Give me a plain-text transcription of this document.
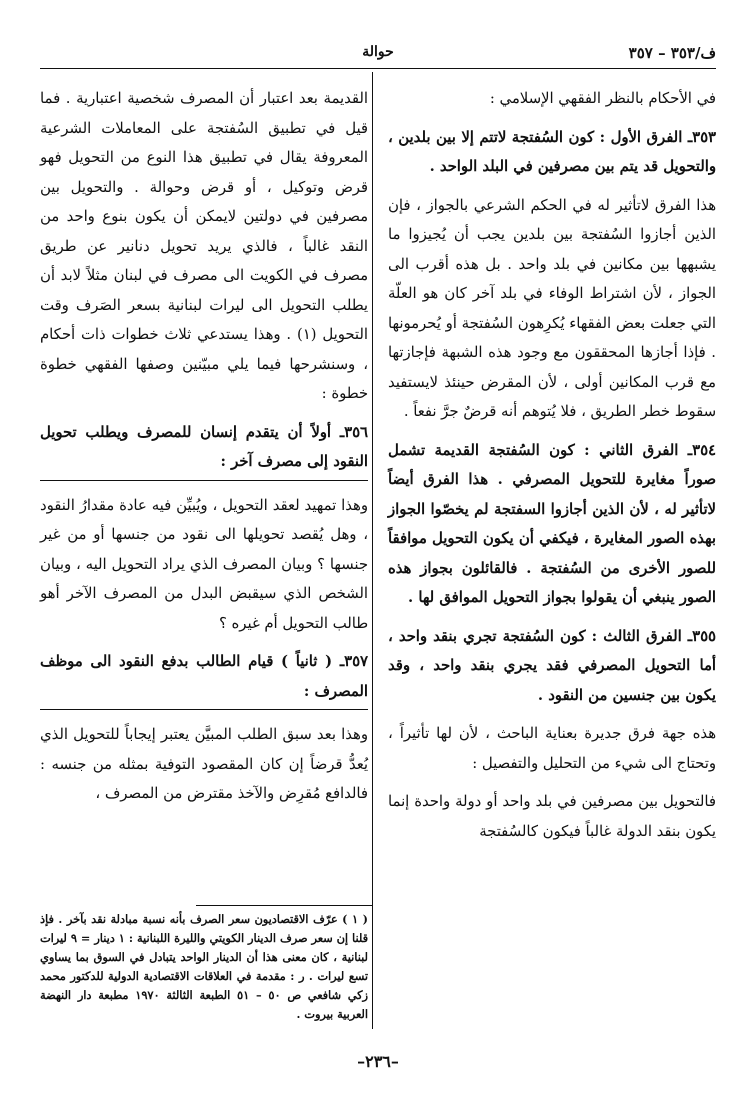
ف/٣٥٣ – ٣٥٧
حوالة

في الأحكام بالنظر الفقهي الإسلامي :

٣٥٣ـ الفرق الأول : كون السُفتجة لاتتم إلا بين بلدين ، والتحويل قد يتم بين مصرفين في البلد الواحد .

هذا الفرق لاتأثير له في الحكم الشرعي بالجواز ، فإن الذين أجازوا السُفتجة بين بلدين يجب أن يُجيزوا ما يشبهها بين مكانين في بلد واحد . بل هذه أقرب الى الجواز ، لأن اشتراط الوفاء في بلد آخر كان هو العلّة التي جعلت بعض الفقهاء يُكرِهون السُفتجة أو يُحرمونها . فإذا أجازها المحققون مع وجود هذه الشبهة فإجازتها مع قرب المكانين أولى ، لأن المقرض حينئذ لايستفيد سقوط خطر الطريق ، فلا يُتوهم أنه قرضٌ جرَّ نفعاً .

٣٥٤ـ الفرق الثاني : كون السُفتجة القديمة تشمل صوراً مغايرة للتحويل المصرفي . هذا الفرق أيضاً لاتأثير له ، لأن الذين أجازوا السفتجة لم يخصّوا الجواز بهذه الصور المغايرة ، فيكفي أن يكون التحويل موافقاً للصور الأخرى من السُفتجة . فالقائلون بجواز هذه الصور ينبغي أن يقولوا بجواز التحويل الموافق لها .

٣٥٥ـ الفرق الثالث : كون السُفتجة تجري بنقد واحد ، أما التحويل المصرفي فقد يجري بنقد واحد ، وقد يكون بين جنسين من النقود .

هذه جهة فرق جديرة بعناية الباحث ، لأن لها تأثيراً ، وتحتاج الى شيء من التحليل والتفصيل :

فالتحويل بين مصرفين في بلد واحد أو دولة واحدة إنما يكون بنقد الدولة غالباً فيكون كالسُفتجة

القديمة بعد اعتبار أن المصرف شخصية اعتبارية . فما قيل في تطبيق السُفتجة على المعاملات الشرعية المعروفة يقال في تطبيق هذا النوع من التحويل فهو قرض وتوكيل ، أو قرض وحوالة . والتحويل بين مصرفين في دولتين لايمكن أن يكون بنوع واحد من النقد غالباً ، فالذي يريد تحويل دنانير عن طريق مصرف في الكويت الى مصرف في لبنان مثلاً لابد أن يطلب التحويل الى ليرات لبنانية بسعر الصَرف وقت التحويل (١) . وهذا يستدعي ثلاث خطوات ذات أحكام ، وسنشرحها فيما يلي مبيّنين وصفها الفقهي خطوة خطوة :

٣٥٦ـ أولاً أن يتقدم إنسان للمصرف ويطلب تحويل النقود إلى مصرف آخر :

وهذا تمهيد لعقد التحويل ، ويُبيِّن فيه عادة مقدارُ النقود ، وهل يُقصد تحويلها الى نقود من جنسها أو من غير جنسها ؟ وبيان المصرف الذي يراد التحويل اليه ، وبيان الشخص الذي سيقبض البدل من المصرف الآخر أهو طالب التحويل أم غيره ؟

٣٥٧ـ ( ثانياً ) قيام الطالب بدفع النقود الى موظف المصرف :

وهذا بعد سبق الطلب المبيَّن يعتبر إيجاباً للتحويل الذي يُعدُّ قرضاً إن كان المقصود التوفية بمثله من جنسه : فالدافع مُقرِض والآخذ مقترض من المصرف ،

( ١ ) عرّف الاقتصاديون سعر الصرف بأنه نسبة مبادلة نقد بآخر . فإذ قلنا إن سعر صرف الدينار الكويتي والليرة اللبنانية : ١ دينار = ٩ ليرات لبنانية ، كان معنى هذا أن الدينار الواحد يتبادل في السوق بما يساوي تسع ليرات . ر : مقدمة في العلاقات الاقتصادية الدولية للدكتور محمد زكي شافعي ص ٥٠ – ٥١ الطبعة الثالثة ١٩٧٠ مطبعة دار النهضة العربية بيروت .
–٢٣٦–
